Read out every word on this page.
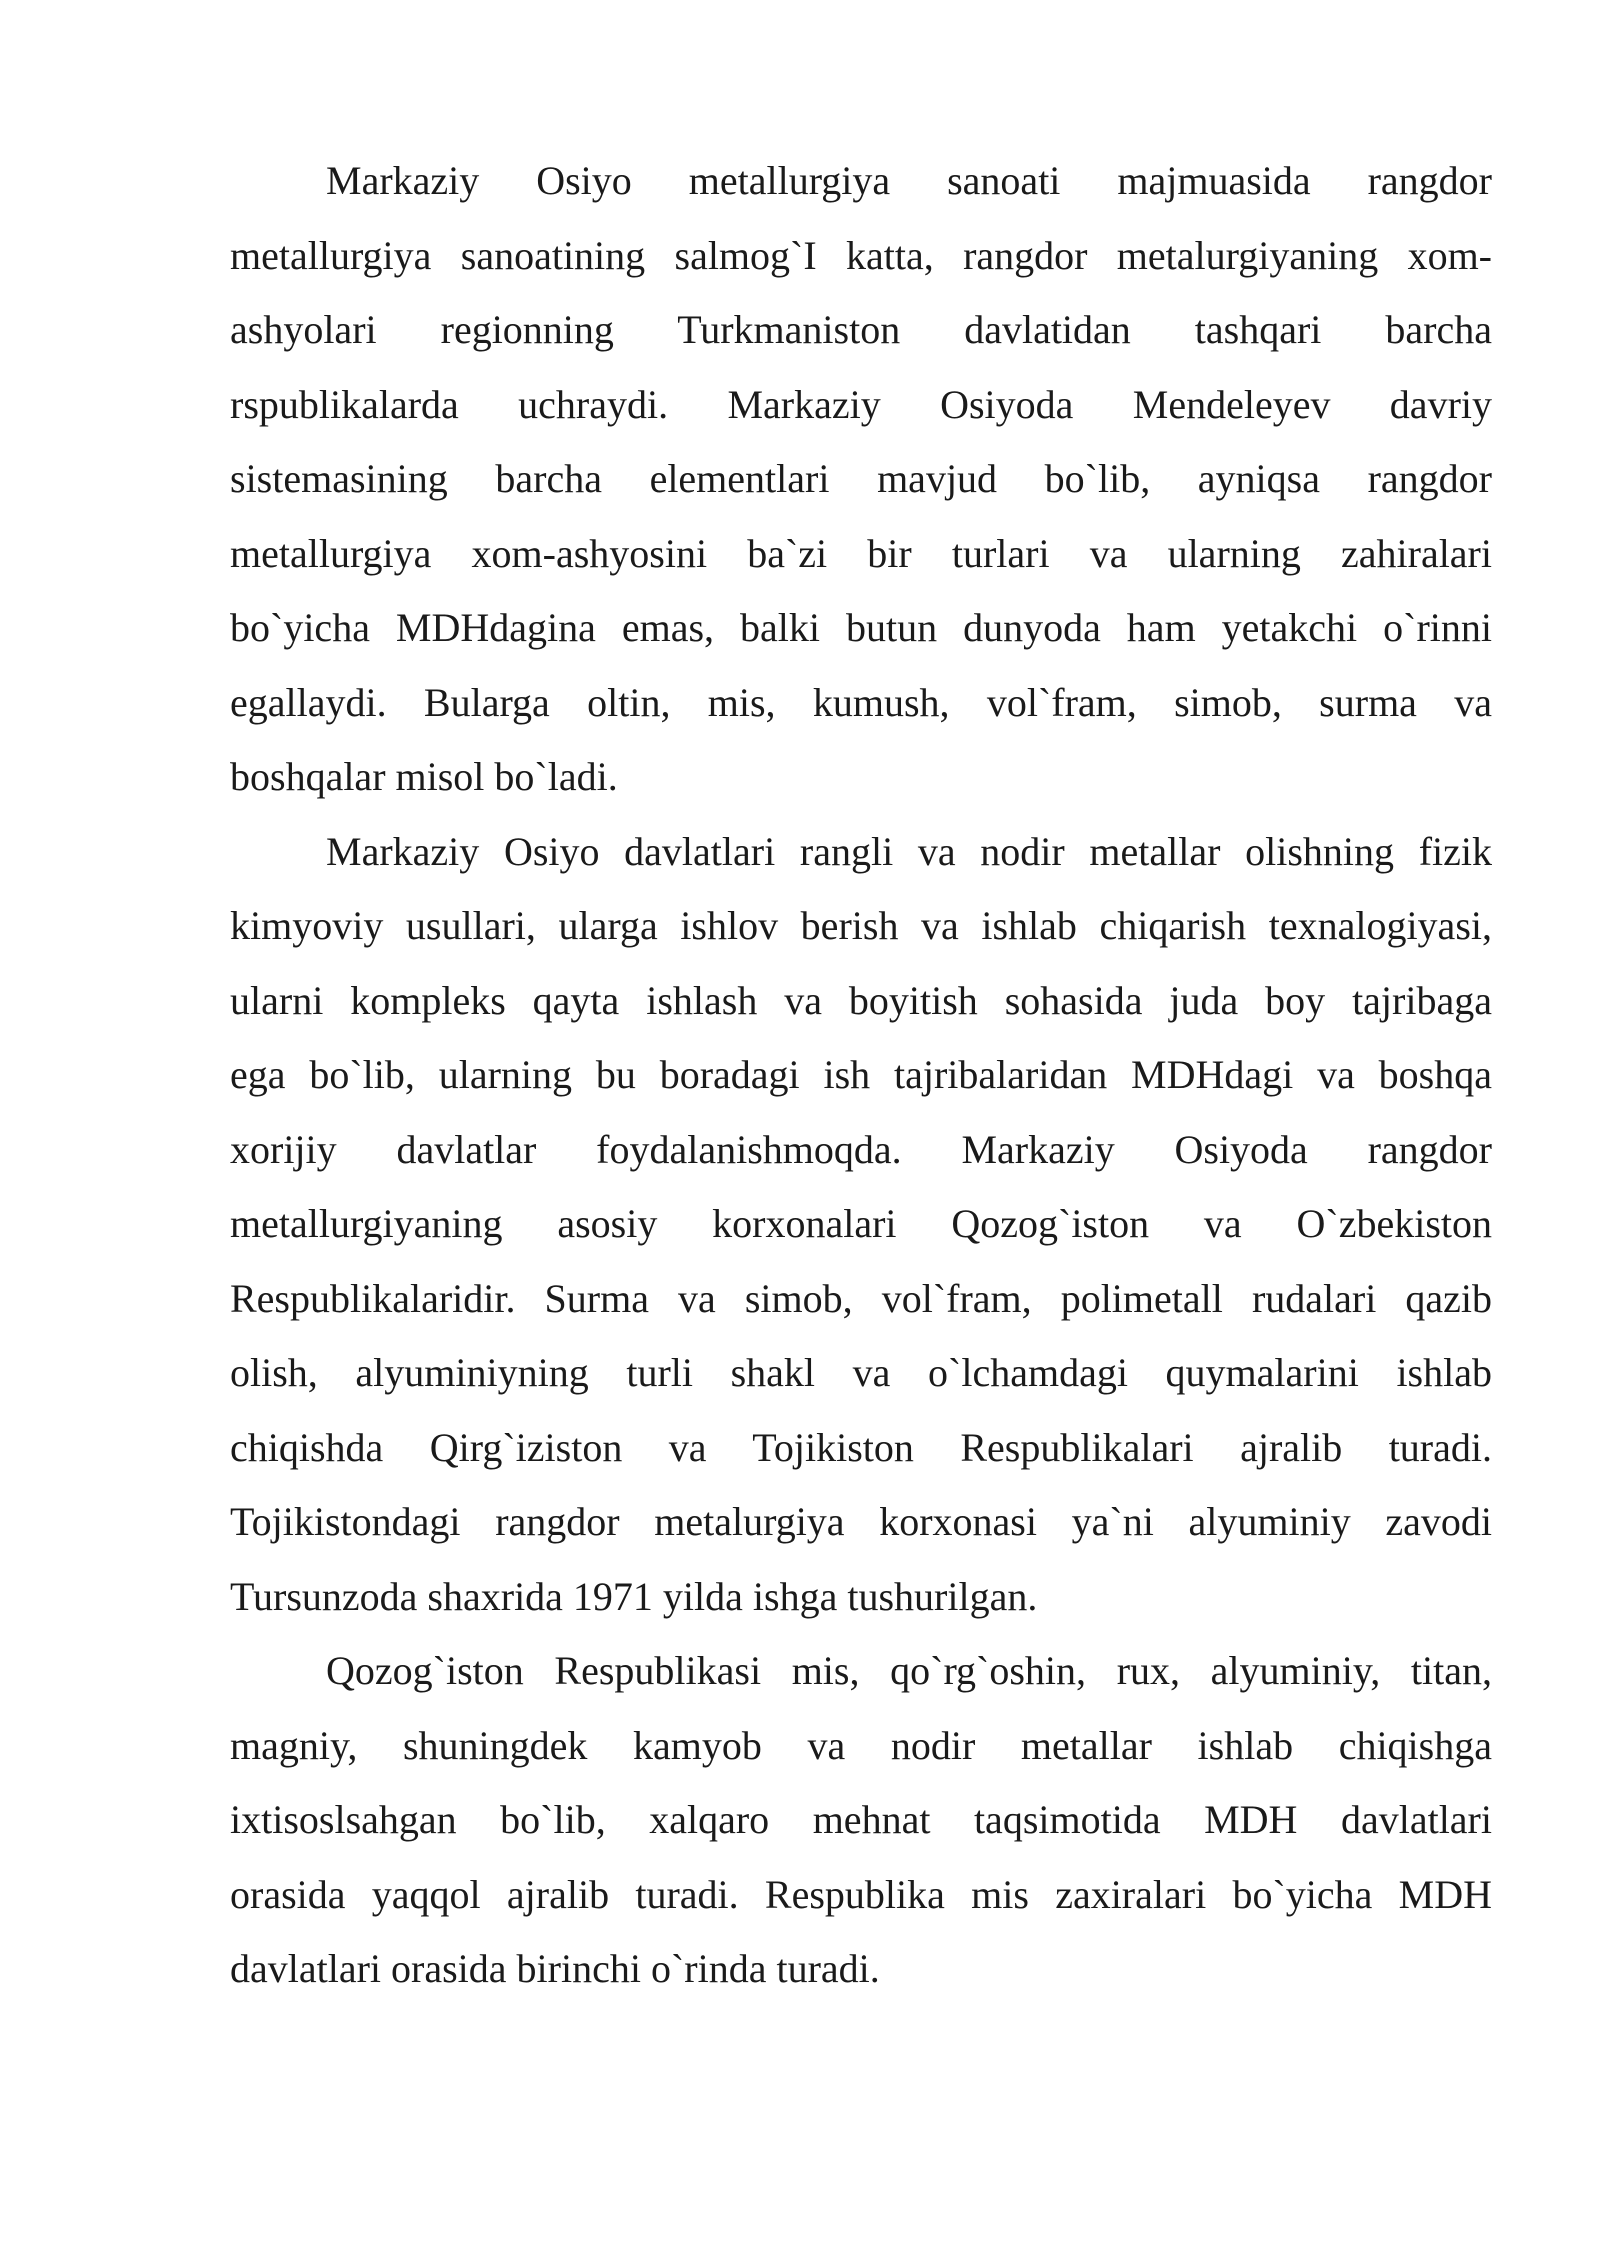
Markaziy Osiyo metallurgiya sanoati majmuasida rangdor
metallurgiya sanoatining salmog`I katta, rangdor metalurgiyaning xom-
ashyolari regionning Turkmaniston davlatidan tashqari barcha
rspublikalarda uchraydi. Markaziy Osiyoda Mendeleyev davriy
sistemasining barcha elementlari mavjud bo`lib, ayniqsa rangdor
metallurgiya xom-ashyosini ba`zi bir turlari va ularning zahiralari
bo`yicha MDHdagina emas, balki butun dunyoda ham yetakchi o`rinni
egallaydi. Bularga oltin, mis, kumush, vol`fram, simob, surma va
boshqalar misol bo`ladi.
Markaziy Osiyo davlatlari rangli va nodir metallar olishning fizik
kimyoviy usullari, ularga ishlov berish va ishlab chiqarish texnalogiyasi,
ularni kompleks qayta ishlash va boyitish sohasida juda boy tajribaga
ega bo`lib, ularning bu boradagi ish tajribalaridan MDHdagi va boshqa
xorijiy davlatlar foydalanishmoqda. Markaziy Osiyoda rangdor
metallurgiyaning asosiy korxonalari Qozog`iston va O`zbekiston
Respublikalaridir. Surma va simob, vol`fram, polimetall rudalari qazib
olish, alyuminiyning turli shakl va o`lchamdagi quymalarini ishlab
chiqishda Qirg`iziston va Tojikiston Respublikalari ajralib turadi.
Tojikistondagi rangdor metalurgiya korxonasi ya`ni alyuminiy zavodi
Tursunzoda shaxrida 1971 yilda ishga tushurilgan.
Qozog`iston Respublikasi mis, qo`rg`oshin, rux, alyuminiy, titan,
magniy, shuningdek kamyob va nodir metallar ishlab chiqishga
ixtisoslsahgan bo`lib, xalqaro mehnat taqsimotida MDH davlatlari
orasida yaqqol ajralib turadi. Respublika mis zaxiralari bo`yicha MDH
davlatlari orasida birinchi o`rinda turadi.
